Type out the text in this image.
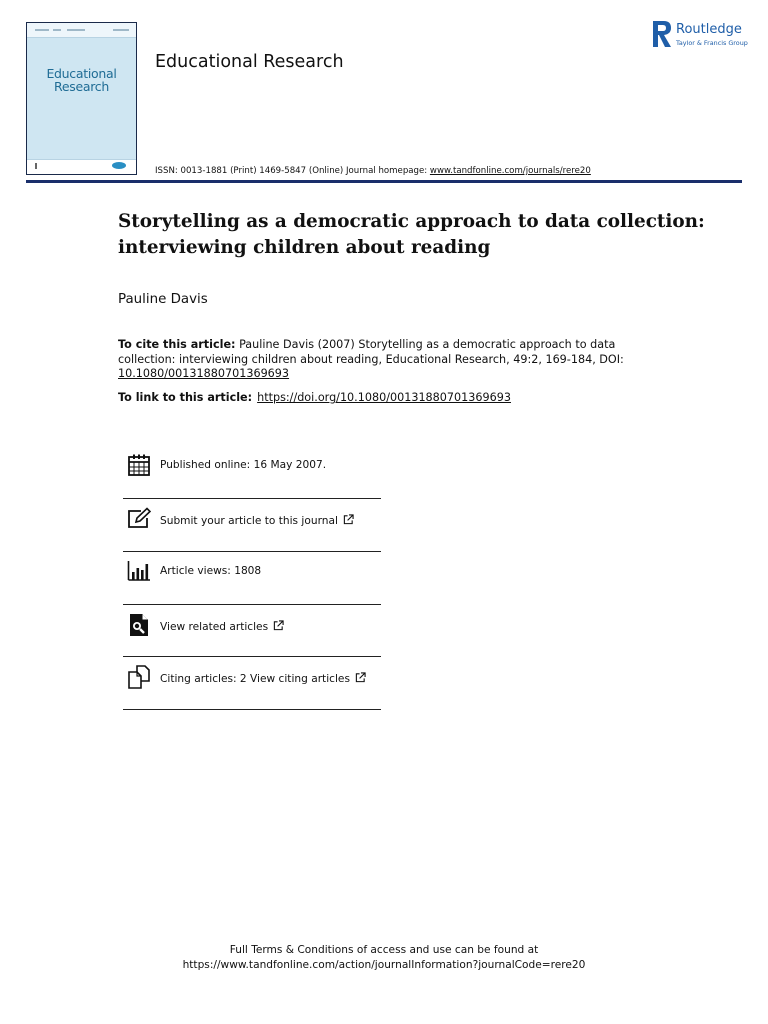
Educational
Research
Educational Research
Routledge
Taylor & Francis Group
ISSN: 0013-1881 (Print) 1469-5847 (Online) Journal homepage: www.tandfonline.com/journals/rere20
Storytelling as a democratic approach to data collection: interviewing children about reading
Pauline Davis
To cite this article: Pauline Davis (2007) Storytelling as a democratic approach to data collection: interviewing children about reading, Educational Research, 49:2, 169-184, DOI: 10.1080/00131880701369693
To link to this article: https://doi.org/10.1080/00131880701369693
Published online: 16 May 2007.
Submit your article to this journal
Article views: 1808
View related articles
Citing articles: 2 View citing articles
Full Terms & Conditions of access and use can be found at
https://www.tandfonline.com/action/journalInformation?journalCode=rere20
